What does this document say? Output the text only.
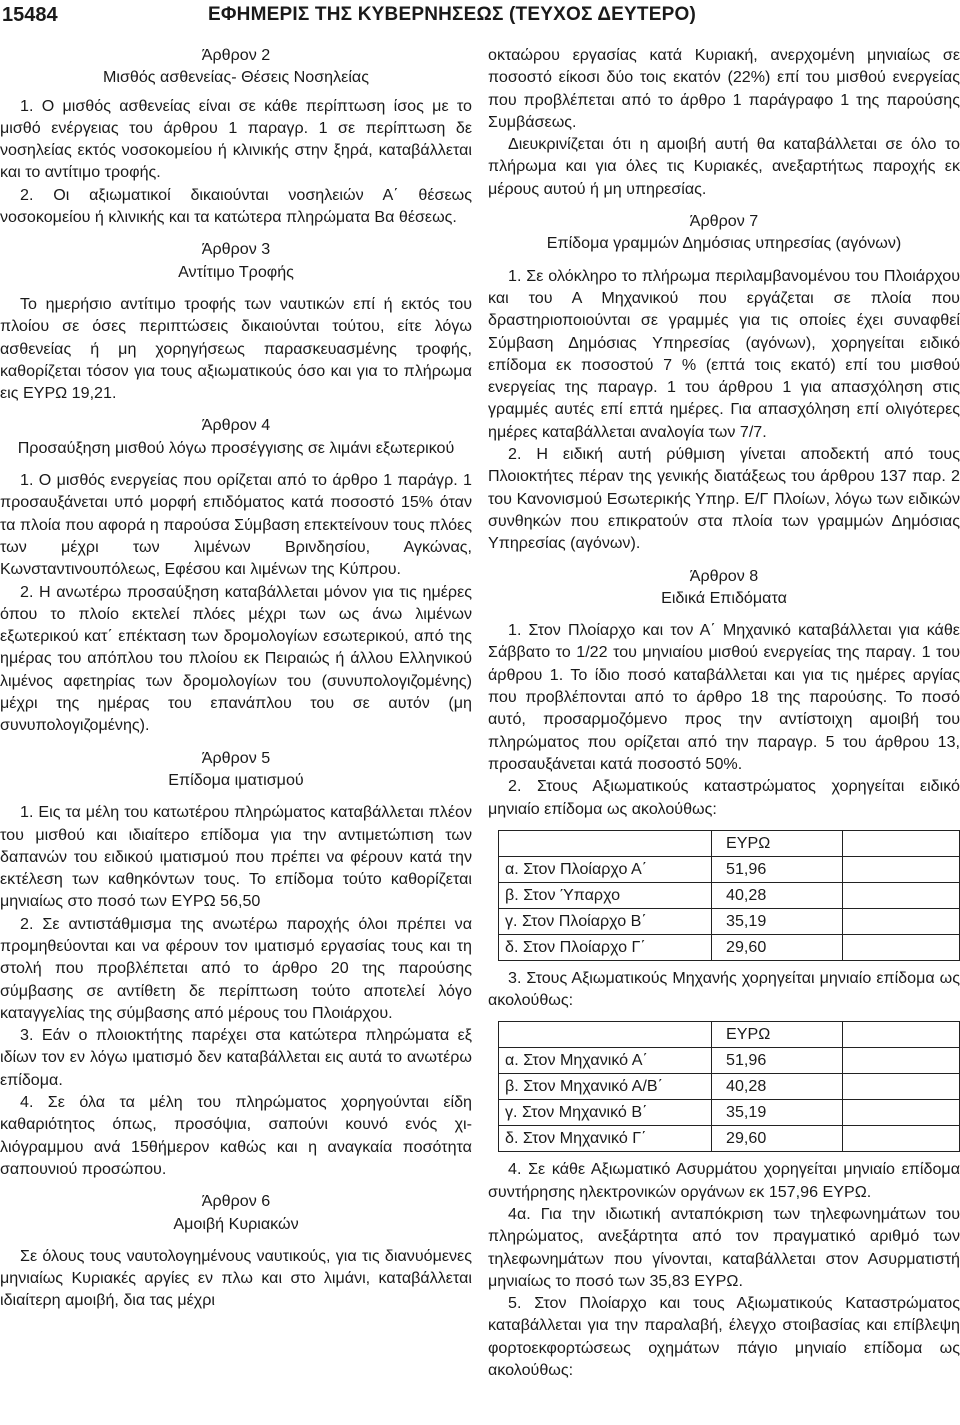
15484	ΕΦΗΜΕΡΙΣ ΤΗΣ ΚΥΒΕΡΝΗΣΕΩΣ (ΤΕΥΧΟΣ ΔΕΥΤΕΡΟ)

Άρθρον 2

Μισθός ασθενείας- Θέσεις Νοσηλείας

1. Ο μισθός ασθενείας είναι σε κάθε περίπτωση ίσος με το μισθό ενέργειας του άρθρου 1 παραγρ. 1 σε περίπτωση δε νοσηλείας εκτός νοσοκομείου ή κλινικής στην ξηρά, καταβάλλεται και το αντίτιμο τροφής.

2. Οι αξιωματικοί δικαιούνται νοσηλειών Α΄ θέσεως νοσοκομείου ή κλινικής και τα κατώτερα πληρώματα Βα θέσεως.

Άρθρον 3

Αντίτιμο Τροφής

Το ημερήσιο αντίτιμο τροφής των ναυτικών επί ή εκτός του πλοίου σε όσες περιπτώσεις δικαιούνται τούτου, είτε λόγω ασθενείας ή μη χορηγήσεως παρασκευασμένης τροφής, καθορίζεται τόσον για τους αξιωματικούς όσο και για το πλήρωμα εις ΕΥΡΩ 19,21.

Άρθρον 4

Προσαύξηση μισθού λόγω προσέγγισης σε λιμάνι εξωτερικού

1. Ο μισθός ενεργείας που ορίζεται από το άρθρο 1 παράγρ. 1 προσαυξάνεται υπό μορφή επιδόματος κατά ποσοστό 15% όταν τα πλοία που αφορά η παρούσα Σύμβαση επεκτείνουν τους πλόες των μέχρι των λιμένων Βρινδησίου, Αγκώνας, Κωνσταντινουπόλεως, Εφέσου και λιμένων της Κύπρου.

2. Η ανωτέρω προσαύξηση καταβάλλεται μόνον για τις ημέρες όπου το πλοίο εκτελεί πλόες μέχρι των ως άνω λιμένων εξωτερικού κατ΄ επέκταση των δρομολογίων εσωτερικού, από της ημέρας του απόπλου του πλοίου εκ Πειραιώς ή άλλου Ελληνικού λιμένος αφετηρίας των δρομολογίων του (συνυπολογιζομένης) μέχρι της ημέρας του επανάπλου του σε αυτόν (μη συνυπολογιζομένης).

Άρθρον 5

Επίδομα ιματισμού

1. Εις τα μέλη του κατωτέρου πληρώματος καταβάλλεται πλέον του μισθού και ιδιαίτερο επίδομα για την αντιμετώπιση των δαπανών του ειδικού ιματισμού που πρέπει να φέρουν κατά την εκτέλεση των καθηκόντων τους. Το επίδομα τούτο καθορίζεται μηνιαίως στο ποσό των ΕΥΡΩ 56,50

2. Σε αντιστάθμισμα της ανωτέρω παροχής όλοι πρέπει να προμηθεύονται και να φέρουν τον ιματισμό εργασίας τους και τη στολή που προβλέπεται από το άρθρο 20 της παρούσης σύμβασης σε αντίθετη δε περίπτωση τούτο αποτελεί λόγο καταγγελίας της σύμβασης από μέρους του Πλοιάρχου.

3. Εάν ο πλοιοκτήτης παρέχει στα κατώτερα πληρώματα εξ ιδίων τον εν λόγω ιματισμό δεν καταβάλλεται εις αυτά το ανωτέρω επίδομα.

4. Σε όλα τα μέλη του πληρώματος χορηγούνται είδη καθαριότητος όπως, προσόψια, σαπούνι κουνό ενός χιλιόγραμμου ανά 15θήμερον καθώς και η αναγκαία ποσότητα σαπουνιού προσώπου.

Άρθρον 6

Αμοιβή Κυριακών

Σε όλους τους ναυτολογημένους ναυτικούς, για τις διανυόμενες μηνιαίως Κυριακές αργίες εν πλω και στο λιμάνι, καταβάλλεται ιδιαίτερη αμοιβή, δια τας μέχρι

οκταώρου εργασίας κατά Κυριακή, ανερχομένη μηνιαίως σε ποσοστό είκοσι δύο τοις εκατόν (22%) επί του μισθού ενεργείας που προβλέπεται από το άρθρο 1 παράγραφο 1 της παρούσης Συμβάσεως.

Διευκρινίζεται ότι η αμοιβή αυτή θα καταβάλλεται σε όλο το πλήρωμα και για όλες τις Κυριακές, ανεξαρτήτως παροχής εκ μέρους αυτού ή μη υπηρεσίας.

Άρθρον 7

Επίδομα γραμμών Δημόσιας υπηρεσίας (αγόνων)

1. Σε ολόκληρο το πλήρωμα περιλαμβανομένου του Πλοιάρχου και του Α Μηχανικού που εργάζεται σε πλοία που δραστηριοποιούνται σε γραμμές για τις οποίες έχει συναφθεί Σύμβαση Δημόσιας Υπηρεσίας (αγόνων), χορηγείται ειδικό επίδομα εκ ποσοστού 7 % (επτά τοις εκατό) επί του μισθού ενεργείας της παραγρ. 1 του άρθρου 1 για απασχόληση στις γραμμές αυτές επί επτά ημέρες. Για απασχόληση επί ολιγότερες ημέρες καταβάλλεται αναλογία των 7/7.

2. Η ειδική αυτή ρύθμιση γίνεται αποδεκτή από τους Πλοιοκτήτες πέραν της γενικής διατάξεως του άρθρου 137 παρ. 2 του Κανονισμού Εσωτερικής Υπηρ. Ε/Γ Πλοίων, λόγω των ειδικών συνθηκών που επικρατούν στα πλοία των γραμμών Δημόσιας Υπηρεσίας (αγόνων).

Άρθρον 8

Ειδικά Επιδόματα

1. Στον Πλοίαρχο και τον Α΄ Μηχανικό καταβάλλεται για κάθε Σάββατο το 1/22 του μηνιαίου μισθού ενεργείας της παραγ. 1 του άρθρου 1. Το ίδιο ποσό καταβάλλεται και για τις ημέρες αργίας που προβλέπονται από το άρθρο 18 της παρούσης. Το ποσό αυτό, προσαρμοζόμενο προς την αντίστοιχη αμοιβή του πληρώματος που ορίζεται από την παραγρ. 5 του άρθρου 13, προσαυξάνεται κατά ποσοστό 50%.

2. Στους Αξιωματικούς καταστρώματος χορηγείται ειδικό μηνιαίο επίδομα ως ακολούθως:

	ΕΥΡΩ	
α. Στον Πλοίαρχο Α΄	51,96	
β. Στον Ύπαρχο	40,28	
γ. Στον Πλοίαρχο Β΄	35,19	
δ. Στον Πλοίαρχο Γ΄	29,60	

3. Στους Αξιωματικούς Μηχανής χορηγείται μηνιαίο επίδομα ως ακολούθως:

	ΕΥΡΩ	
α. Στον Μηχανικό Α΄	51,96	
β. Στον Μηχανικό Α/Β΄	40,28	
γ. Στον Μηχανικό Β΄	35,19	
δ. Στον Μηχανικό Γ΄	29,60	

4. Σε κάθε Αξιωματικό Ασυρμάτου χορηγείται μηνιαίο επίδομα συντήρησης ηλεκτρονικών οργάνων εκ 157,96 ΕΥΡΩ.

4α. Για την ιδιωτική ανταπόκριση των τηλεφωνημάτων του πληρώματος, ανεξάρτητα από τον πραγματικό αριθμό των τηλεφωνημάτων που γίνονται, καταβάλλεται στον Ασυρματιστή μηνιαίως το ποσό των 35,83 ΕΥΡΩ.

5. Στον Πλοίαρχο και τους Αξιωματικούς Καταστρώματος καταβάλλεται για την παραλαβή, έλεγχο στοιβασίας και επίβλεψη φορτοεκφορτώσεως οχημάτων πάγιο μηνιαίο επίδομα ως ακολούθως:
